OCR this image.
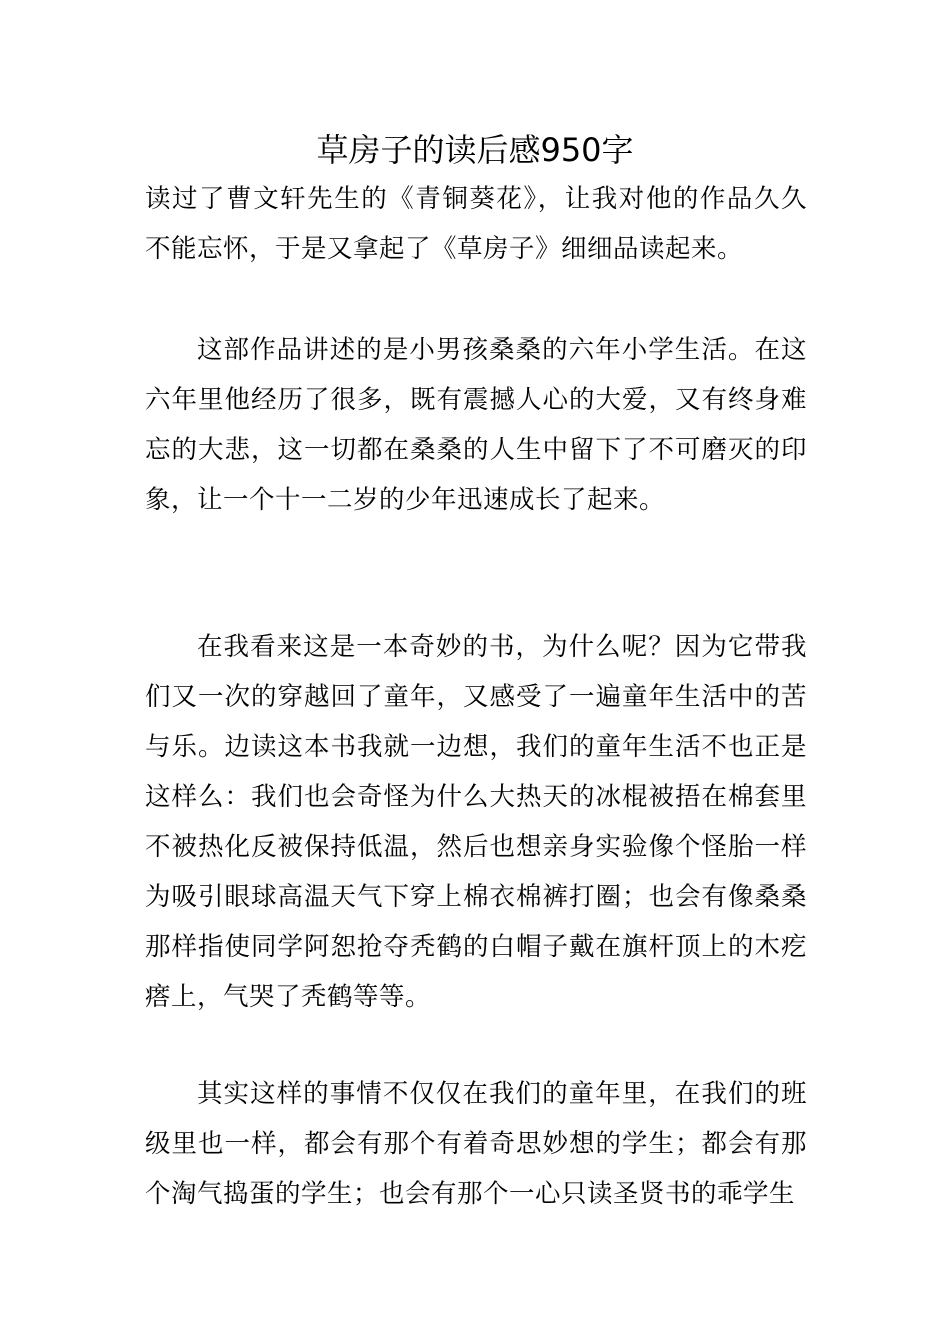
草房子的读后感950字

读过了曹文轩先生的《青铜葵花》，让我对他的作品久久不能忘怀，于是又拿起了《草房子》细细品读起来。

这部作品讲述的是小男孩桑桑的六年小学生活。在这六年里他经历了很多，既有震撼人心的大爱，又有终身难忘的大悲，这一切都在桑桑的人生中留下了不可磨灭的印象，让一个十一二岁的少年迅速成长了起来。

在我看来这是一本奇妙的书，为什么呢？因为它带我们又一次的穿越回了童年，又感受了一遍童年生活中的苦与乐。边读这本书我就一边想，我们的童年生活不也正是这样么：我们也会奇怪为什么大热天的冰棍被捂在棉套里不被热化反被保持低温，然后也想亲身实验像个怪胎一样为吸引眼球高温天气下穿上棉衣棉裤打圈；也会有像桑桑那样指使同学阿恕抢夺秃鹤的白帽子戴在旗杆顶上的木疙瘩上，气哭了秃鹤等等。

其实这样的事情不仅仅在我们的童年里，在我们的班级里也一样，都会有那个有着奇思妙想的学生；都会有那个淘气捣蛋的学生；也会有那个一心只读圣贤书的乖学生
